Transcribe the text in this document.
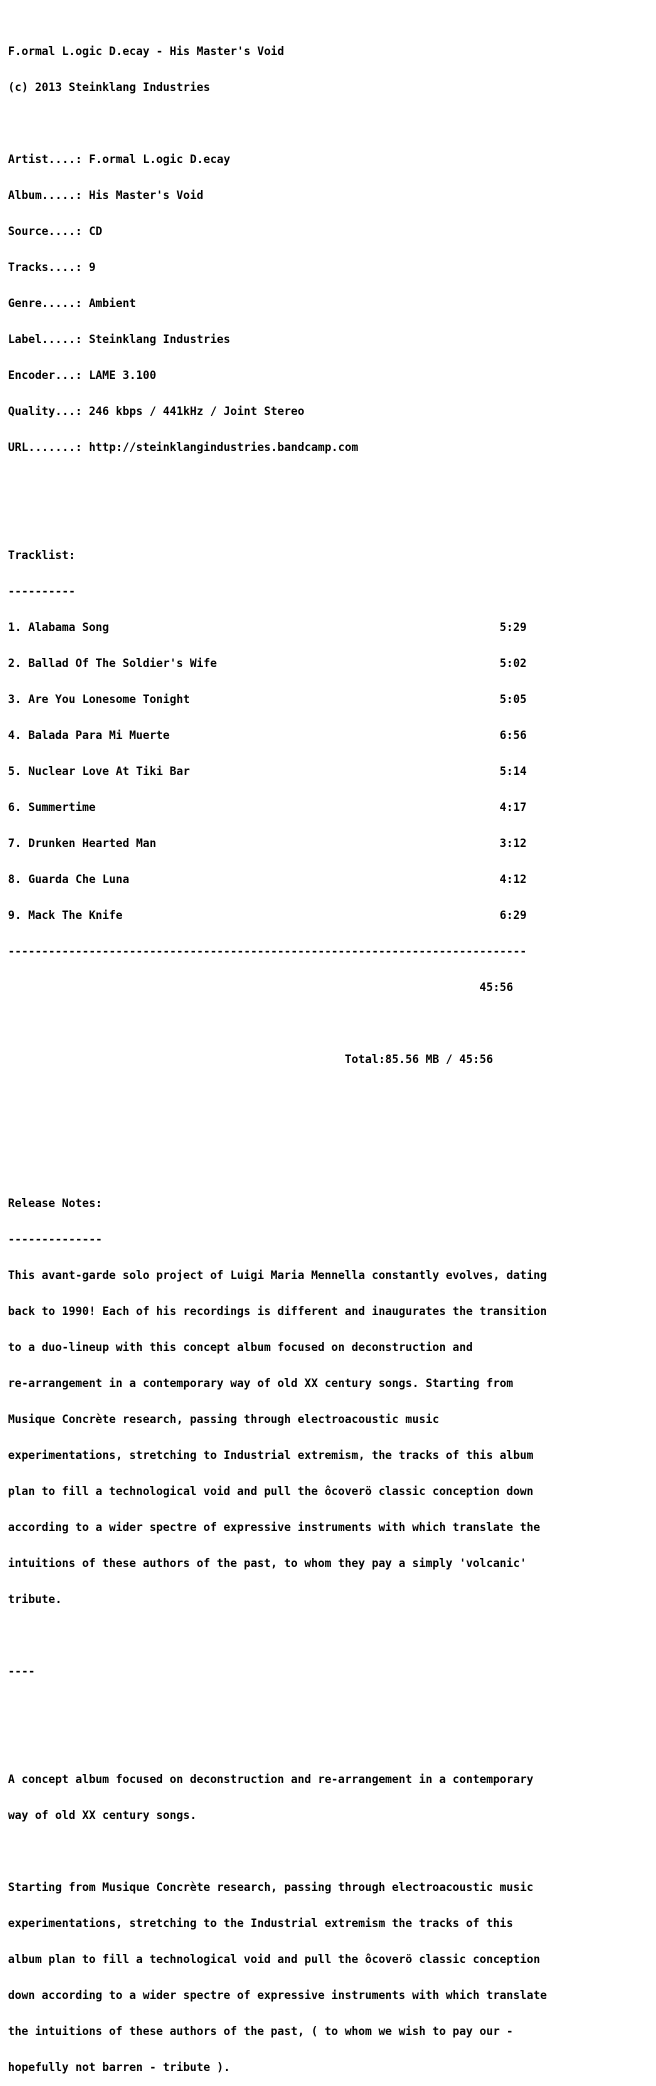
F.ormal L.ogic D.ecay - His Master's Void

(c) 2013 Steinklang Industries

Artist....: F.ormal L.ogic D.ecay

Album.....: His Master's Void

Source....: CD

Tracks....: 9

Genre.....: Ambient

Label.....: Steinklang Industries

Encoder...: LAME 3.100

Quality...: 246 kbps / 441kHz / Joint Stereo

URL.......: http://steinklangindustries.bandcamp.com

Tracklist:

----------

1. Alabama Song                                                          5:29

2. Ballad Of The Soldier's Wife                                          5:02

3. Are You Lonesome Tonight                                              5:05

4. Balada Para Mi Muerte                                                 6:56

5. Nuclear Love At Tiki Bar                                              5:14

6. Summertime                                                            4:17

7. Drunken Hearted Man                                                   3:12

8. Guarda Che Luna                                                       4:12

9. Mack The Knife                                                        6:29

-----------------------------------------------------------------------------

45:56

Total:85.56 MB / 45:56

Release Notes:

--------------

This avant-garde solo project of Luigi Maria Mennella constantly evolves, dating

back to 1990! Each of his recordings is different and inaugurates the transition

to a duo-lineup with this concept album focused on deconstruction and

re-arrangement in a contemporary way of old XX century songs. Starting from

Musique Concrète research, passing through electroacoustic music

experimentations, stretching to Industrial extremism, the tracks of this album

plan to fill a technological void and pull the ôcoverö classic conception down

according to a wider spectre of expressive instruments with which translate the

intuitions of these authors of the past, to whom they pay a simply 'volcanic'

tribute.

----

A concept album focused on deconstruction and re-arrangement in a contemporary

way of old XX century songs.

Starting from Musique Concrète research, passing through electroacoustic music

experimentations, stretching to the Industrial extremism the tracks of this

album plan to fill a technological void and pull the ôcoverö classic conception

down according to a wider spectre of expressive instruments with which translate

the intuitions of these authors of the past, ( to whom we wish to pay our -

hopefully not barren - tribute ).
